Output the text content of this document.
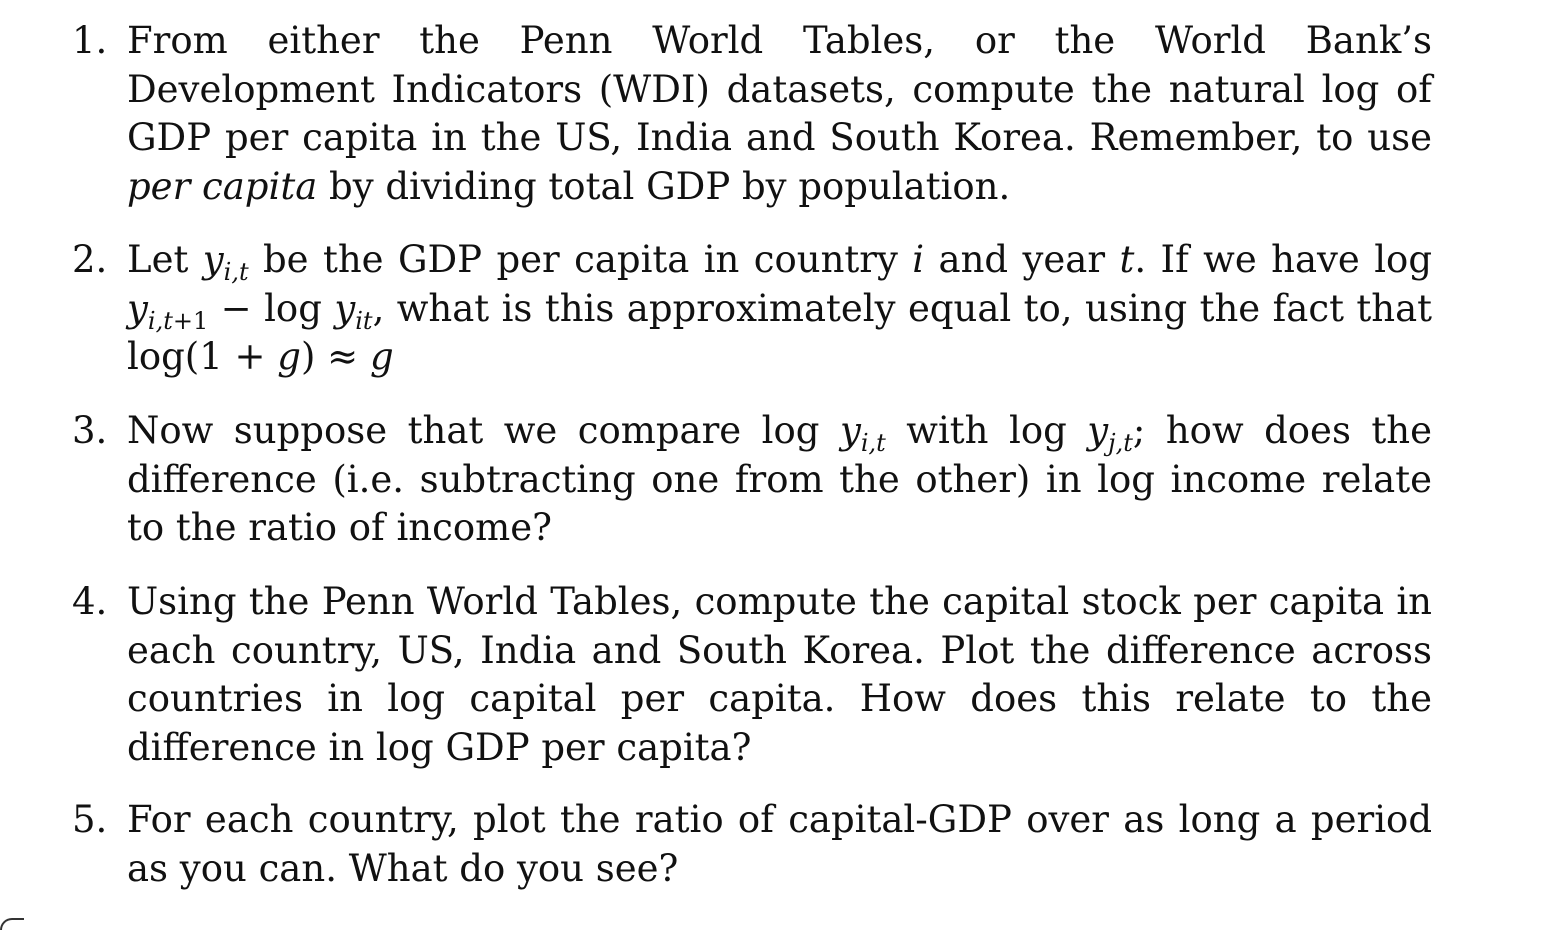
1. From either the Penn World Tables, or the World Bank’s Development Indicators (WDI) datasets, compute the natural log of GDP per capita in the US, India and South Korea. Remember, to use per capita by dividing total GDP by population.
2. Let $y_{i,t}$ be the GDP per capita in country i and year t. If we have $\log y_{i,t+1} - \log y_{it}$, what is this approximately equal to, using the fact that log(1 + g) ≈ g
3. Now suppose that we compare $\log y_{i,t}$ with $\log y_{j,t}$; how does the difference (i.e. subtracting one from the other) in log income relate to the ratio of income?
4. Using the Penn World Tables, compute the capital stock per capita in each country, US, India and South Korea. Plot the difference across countries in log capital per capita. How does this relate to the difference in log GDP per capita?
5. For each country, plot the ratio of capital-GDP over as long a period as you can. What do you see?
